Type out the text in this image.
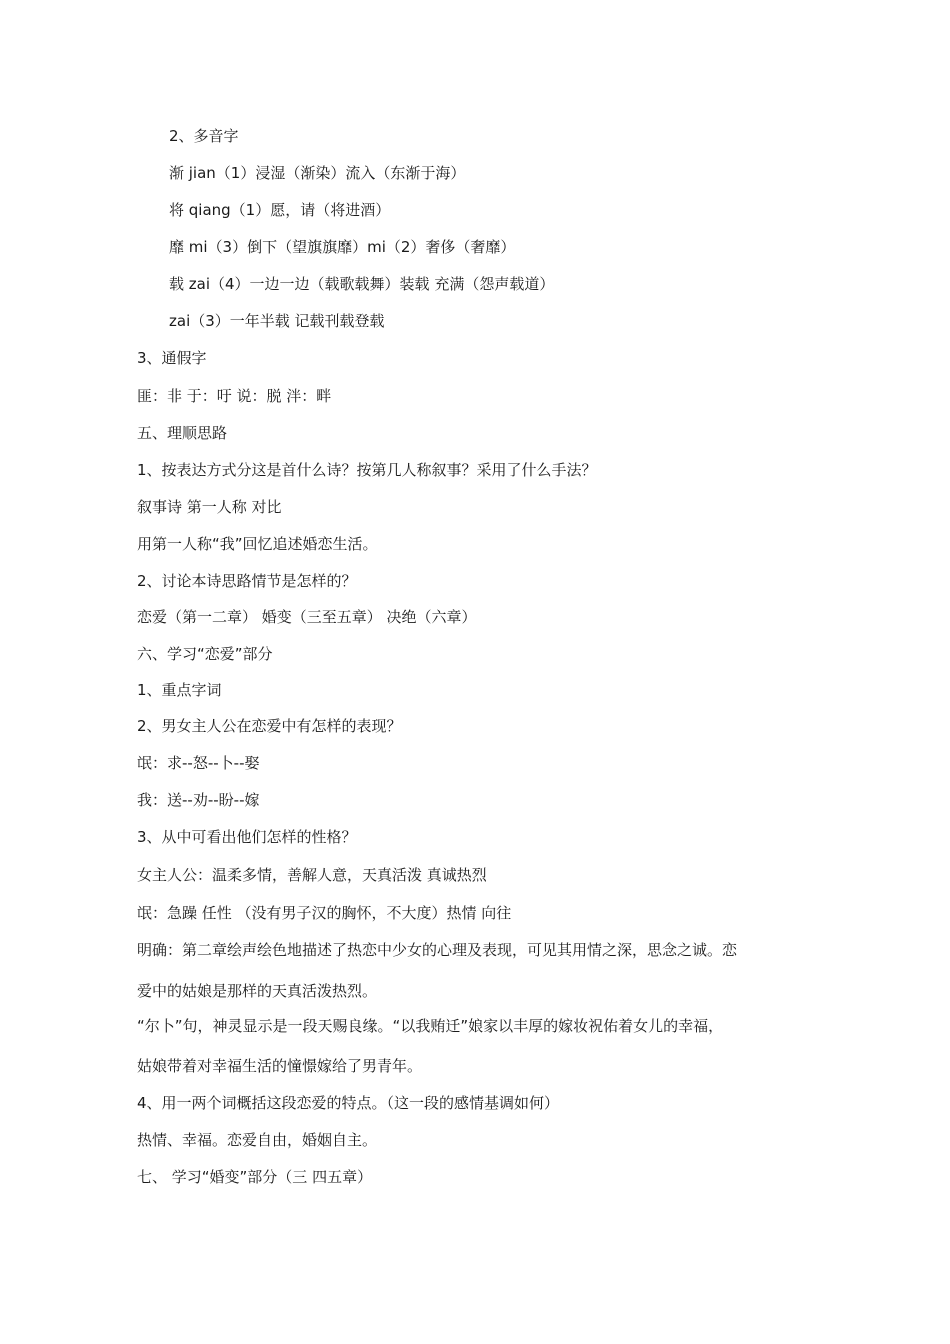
2、多音字
渐 jian（1）浸湿（渐染）流入（东渐于海）
将 qiang（1）愿，请（将进酒）
靡 mi（3）倒下（望旗旗靡）mi（2）奢侈（奢靡）
载 zai（4）一边一边（载歌载舞）装载 充满（怨声载道）
zai（3）一年半载 记载刊载登载
3、通假字
匪：非 于：吁 说：脱 泮：畔
五、理顺思路
1、按表达方式分这是首什么诗？按第几人称叙事？采用了什么手法？
叙事诗 第一人称 对比
用第一人称“我”回忆追述婚恋生活。
2、讨论本诗思路情节是怎样的？
恋爱（第一二章） 婚变（三至五章） 决绝（六章）
六、学习“恋爱”部分
1、重点字词
2、男女主人公在恋爱中有怎样的表现？
氓：求--怒--卜--娶
我：送--劝--盼--嫁
3、从中可看出他们怎样的性格？
女主人公：温柔多情，善解人意，天真活泼 真诚热烈
氓：急躁 任性 （没有男子汉的胸怀，不大度）热情 向往
明确：第二章绘声绘色地描述了热恋中少女的心理及表现，可见其用情之深，思念之诚。恋
爱中的姑娘是那样的天真活泼热烈。
“尔卜”句，神灵显示是一段天赐良缘。“以我贿迁”娘家以丰厚的嫁妆祝佑着女儿的幸福，
姑娘带着对幸福生活的憧憬嫁给了男青年。
4、用一两个词概括这段恋爱的特点。（这一段的感情基调如何）
热情、幸福。恋爱自由，婚姻自主。
七、 学习“婚变”部分（三 四五章）
